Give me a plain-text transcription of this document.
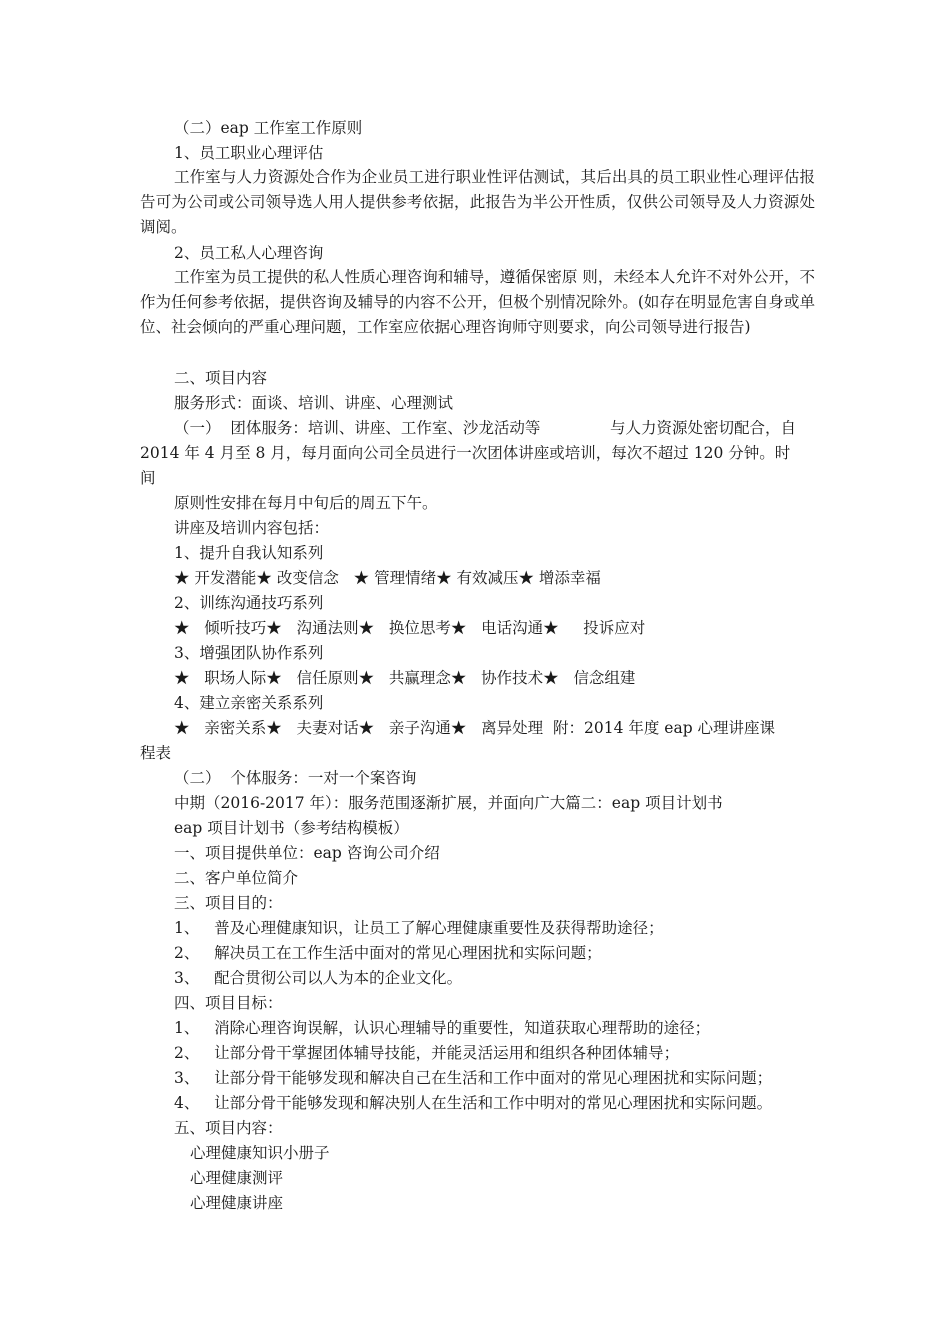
（二）eap 工作室工作原则
1、员工职业心理评估
工作室与人力资源处合作为企业员工进行职业性评估测试，其后出具的员工职业性心理评估报告可为公司或公司领导选人用人提供参考依据，此报告为半公开性质，仅供公司领导及人力资源处调阅。
2、员工私人心理咨询
工作室为员工提供的私人性质心理咨询和辅导，遵循保密原 则，未经本人允许不对外公开，不作为任何参考依据，提供咨询及辅导的内容不公开，但极个别情况除外。(如存在明显危害自身或单位、社会倾向的严重心理问题，工作室应依据心理咨询师守则要求，向公司领导进行报告)
二、项目内容
服务形式：面谈、培训、讲座、心理测试
（一）  团体服务：培训、讲座、工作室、沙龙活动等	与人力资源处密切配合，自
2014 年 4 月至 8 月，每月面向公司全员进行一次团体讲座或培训，每次不超过 120 分钟。时
间
原则性安排在每月中旬后的周五下午。
讲座及培训内容包括：
1、提升自我认知系列
★ 开发潜能★ 改变信念   ★ 管理情绪★ 有效减压★ 增添幸福
2、训练沟通技巧系列
★   倾听技巧★   沟通法则★   换位思考★   电话沟通★     投诉应对
3、增强团队协作系列
★   职场人际★   信任原则★   共赢理念★   协作技术★   信念组建
4、建立亲密关系系列
★   亲密关系★   夫妻对话★   亲子沟通★   离异处理  附：2014 年度 eap 心理讲座课
程表
（二）  个体服务：一对一个案咨询
中期（2016-2017 年）：服务范围逐渐扩展，并面向广大篇二：eap 项目计划书
eap 项目计划书（参考结构模板）
一、项目提供单位：eap 咨询公司介绍
二、客户单位简介
三、项目目的：
1、   普及心理健康知识，让员工了解心理健康重要性及获得帮助途径；
2、   解决员工在工作生活中面对的常见心理困扰和实际问题；
3、   配合贯彻公司以人为本的企业文化。
四、项目目标：
1、   消除心理咨询误解，认识心理辅导的重要性，知道获取心理帮助的途径；
2、   让部分骨干掌握团体辅导技能，并能灵活运用和组织各种团体辅导；
3、   让部分骨干能够发现和解决自己在生活和工作中面对的常见心理困扰和实际问题；
4、   让部分骨干能够发现和解决别人在生活和工作中明对的常见心理困扰和实际问题。
五、项目内容：
心理健康知识小册子
心理健康测评
心理健康讲座
